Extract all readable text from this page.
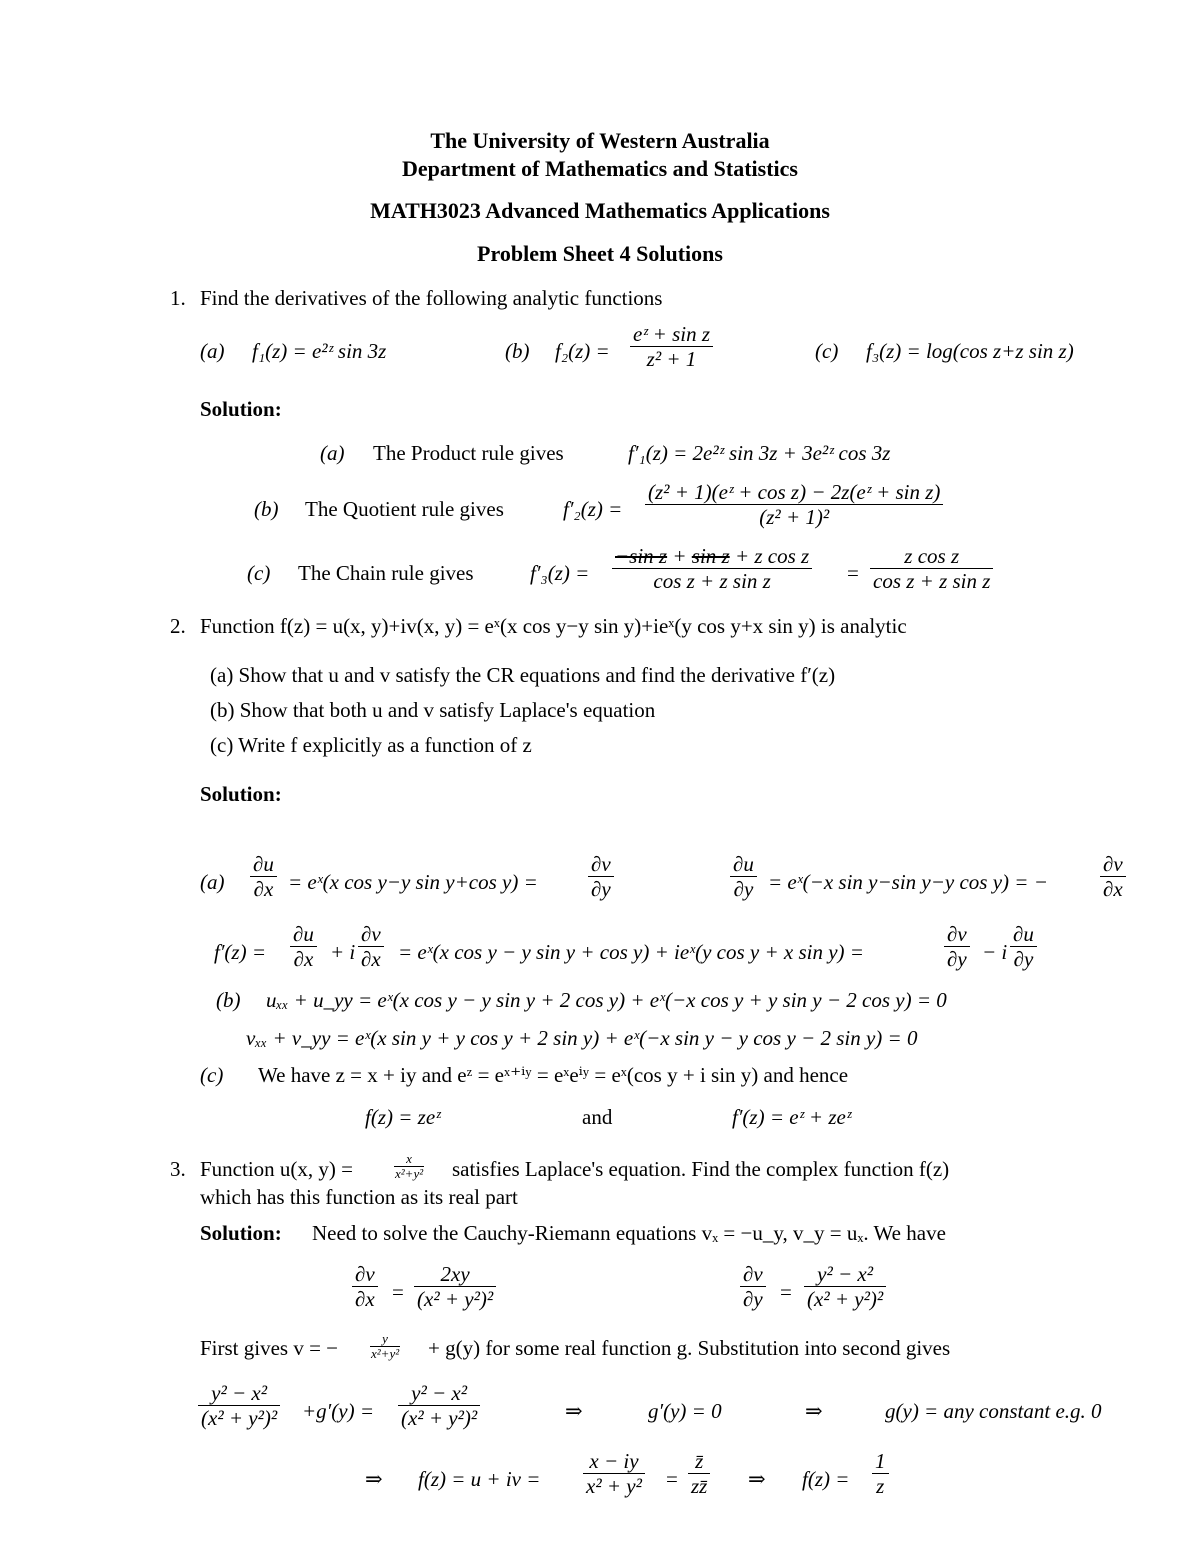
The University of Western Australia
Department of Mathematics and Statistics
MATH3023 Advanced Mathematics Applications
Problem Sheet 4 Solutions
1. Find the derivatives of the following analytic functions
(a) f₁(z) = e²ᶻ sin 3z	(b) $f_2(z) = \frac{\text{eᶻ + sin z}}{\text{z² + 1}}$	(c) f₃(z) = log(cos z+z sin z)
Solution:
(a) The Product rule gives	f′₁(z) = 2e²ᶻ sin 3z + 3e²ᶻ cos 3z
(b) The Quotient rule gives	$f'_2(z) = \frac{\text{(z² + 1)(eᶻ + cos z) − 2z(eᶻ + sin z)}}{\text{(z² + 1)²}}$
(c) The Chain rule gives	$f'_3(z) = \frac{\text{−sin z + sin z + z cos z}}{\text{cos z + z sin z}} = \frac{\text{z cos z}}{\text{cos z + z sin z}}$
2. Function f(z) = u(x, y)+iv(x, y) = eˣ(x cos y−y sin y)+ieˣ(y cos y+x sin y) is analytic
(a) Show that u and v satisfy the CR equations and find the derivative f′(z)
(b) Show that both u and v satisfy Laplace's equation
(c) Write f explicitly as a function of z
Solution:
$(a) \frac{\partial u}{\partial x}$ = eˣ(x cos y−y sin y+cos $y) = \frac{\partial v}{\partial y}$	$\frac{\partial u}{\partial y}$ = eˣ(−x sin y−sin y−y cos y) = − $\frac{\partial v}{\partial x}$
$f'(z) = \frac{\partial u}{\partial x} + i \frac{\partial v}{\partial x}$ = eˣ(x cos y − y sin y + cos y) + ieˣ(y cos y + x sin y) =	$\frac{\partial v}{\partial y} - i \frac{\partial u}{\partial y}$
(b) uₓₓ + u_yy = eˣ(x cos y − y sin y + 2 cos y) + eˣ(−x cos y + y sin y − 2 cos y) = 0
vₓₓ + v_yy = eˣ(x sin y + y cos y + 2 sin y) + eˣ(−x sin y − y cos y − 2 sin y) = 0
(c) We have z = x + iy and eᶻ = eˣ⁺ⁱʸ = eˣeⁱʸ = eˣ(cos y + i sin y) and hence
f(z) = zeᶻ	and	f′(z) = eᶻ + zeᶻ
3. Function u(x, y) =	$\frac{x}{\text{x²+y²}}$ satisfies Laplace's equation. Find the complex function f(z)
which has this function as its real part
Solution: Need to solve the Cauchy-Riemann equations vₓ = −u_y, v_y = uₓ. We have
$\frac{\partial v}{\partial x} = \frac{2xy}{\text{(x² + y²)²}}$	$\frac{\partial v}{\partial y} = \frac{\text{y² − x²}}{\text{(x² + y²)²}}$
First gives v = − $\frac{y}{\text{x²+y²}} + g(y)$ for some real function g. Substitution into second gives
$\frac{\text{y² − x²}}{\text{(x² + y²)²}} +g'(y) = \frac{\text{y² − x²}}{\text{(x² + y²)²}}$	⇒	g′(y) = 0	⇒	g(y) = any constant e.g. 0
⇒ f(z) = u + iv = $\frac{x - iy}{\text{x² + y²}} = \frac{z̄}{zz̄}$ ⇒ $f(z) = \frac{1}{z}$
